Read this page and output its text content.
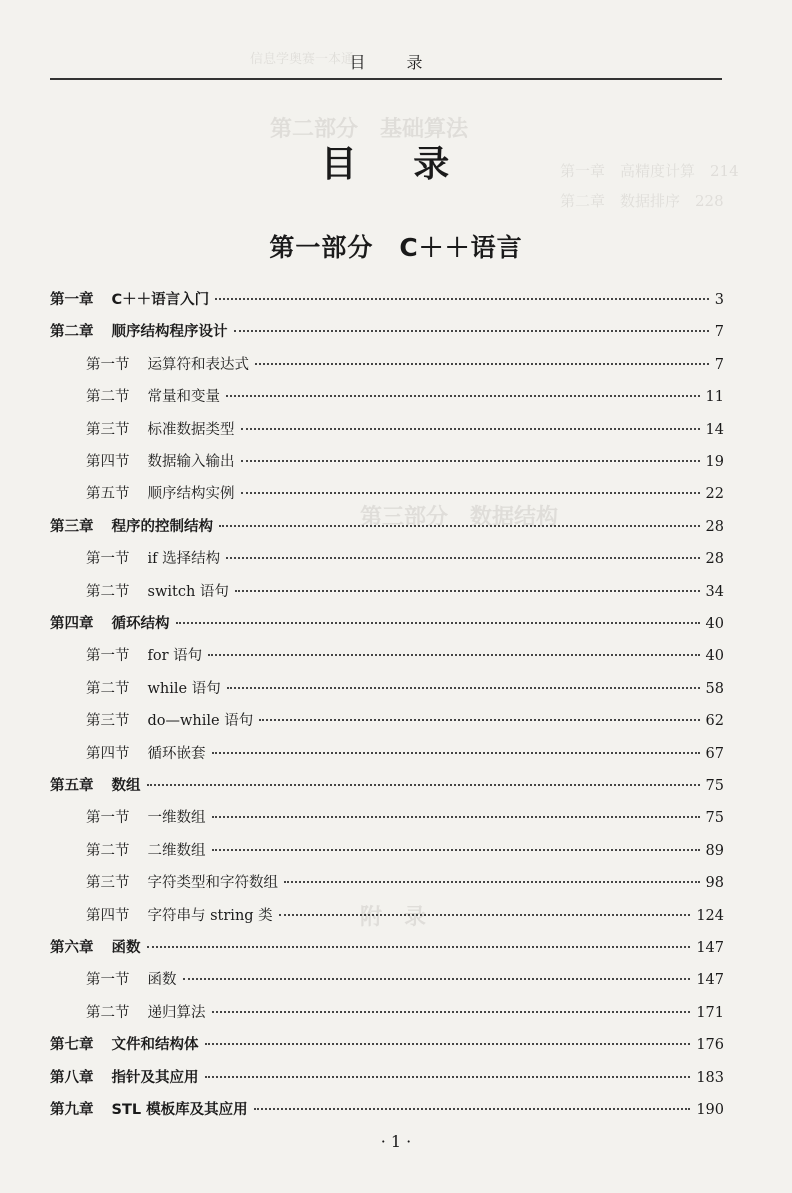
信息学奥赛一本通
第二部分　基础算法
第一章　高精度计算　214
第二章　数据排序　228
第三部分　数据结构
附　录
目 录
目 录
第一部分　C＋＋语言
第一章 C＋＋语言入门	3
第二章 顺序结构程序设计	7
第一节 运算符和表达式	7
第二节 常量和变量	11
第三节 标准数据类型	14
第四节 数据输入输出	19
第五节 顺序结构实例	22
第三章 程序的控制结构	28
第一节 if 选择结构	28
第二节 switch 语句	34
第四章 循环结构	40
第一节 for 语句	40
第二节 while 语句	58
第三节 do—while 语句	62
第四节 循环嵌套	67
第五章 数组	75
第一节 一维数组	75
第二节 二维数组	89
第三节 字符类型和字符数组	98
第四节 字符串与 string 类	124
第六章 函数	147
第一节 函数	147
第二节 递归算法	171
第七章 文件和结构体	176
第八章 指针及其应用	183
第九章 STL 模板库及其应用	190
· 1 ·
